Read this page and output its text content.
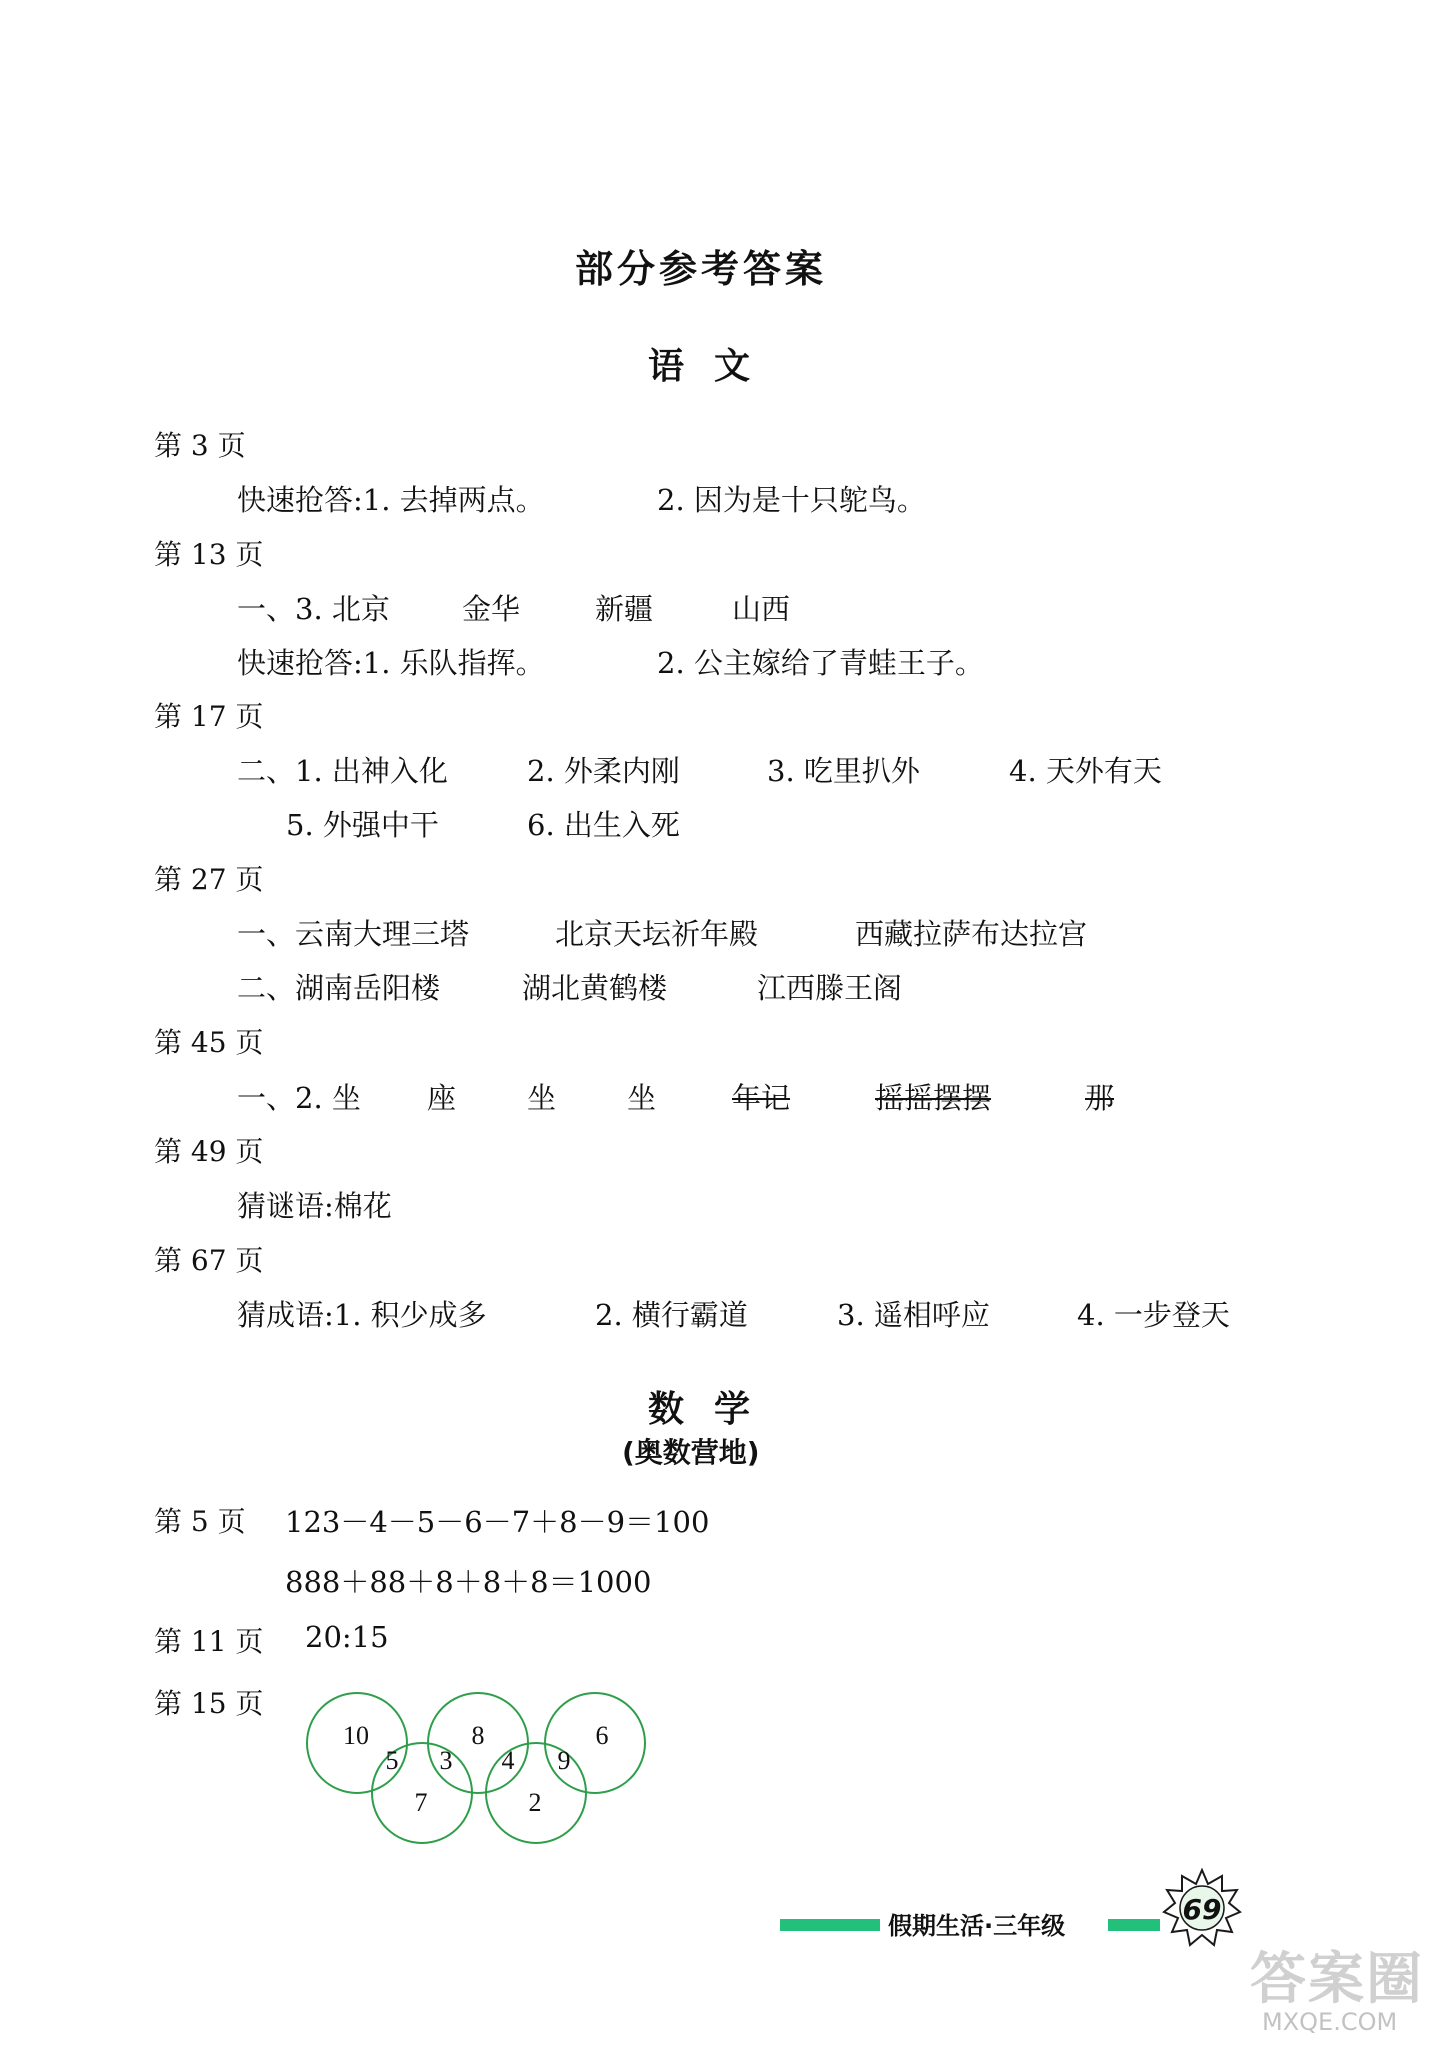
部分参考答案
语文
第 3 页
快速抢答:1. 去掉两点。	2. 因为是十只鸵鸟。
第 13 页
一、3. 北京 金华	新疆	山西
快速抢答:1. 乐队指挥。	2. 公主嫁给了青蛙王子。
第 17 页
二、1. 出神入化	2. 外柔内刚	3. 吃里扒外	4. 天外有天
5. 外强中干	6. 出生入死
第 27 页
一、云南大理三塔	北京天坛祈年殿	西藏拉萨布达拉宫
二、湖南岳阳楼	湖北黄鹤楼	江西滕王阁
第 45 页
一、2. 坐 座 坐 坐	年记	摇摇摆摆	那
第 49 页
猜谜语:棉花
第 67 页
猜成语:1. 积少成多	2. 横行霸道	3. 遥相呼应	4. 一步登天
数学
(奥数营地)
第 5 页 123－4－5－6－7＋8－9＝100
888＋88＋8＋8＋8＝1000
第 11 页 20:15
第 15 页
10
5 3
8
4 9
6
7	2
假期生活·三年级	69
答案圈
MXQE.COM
